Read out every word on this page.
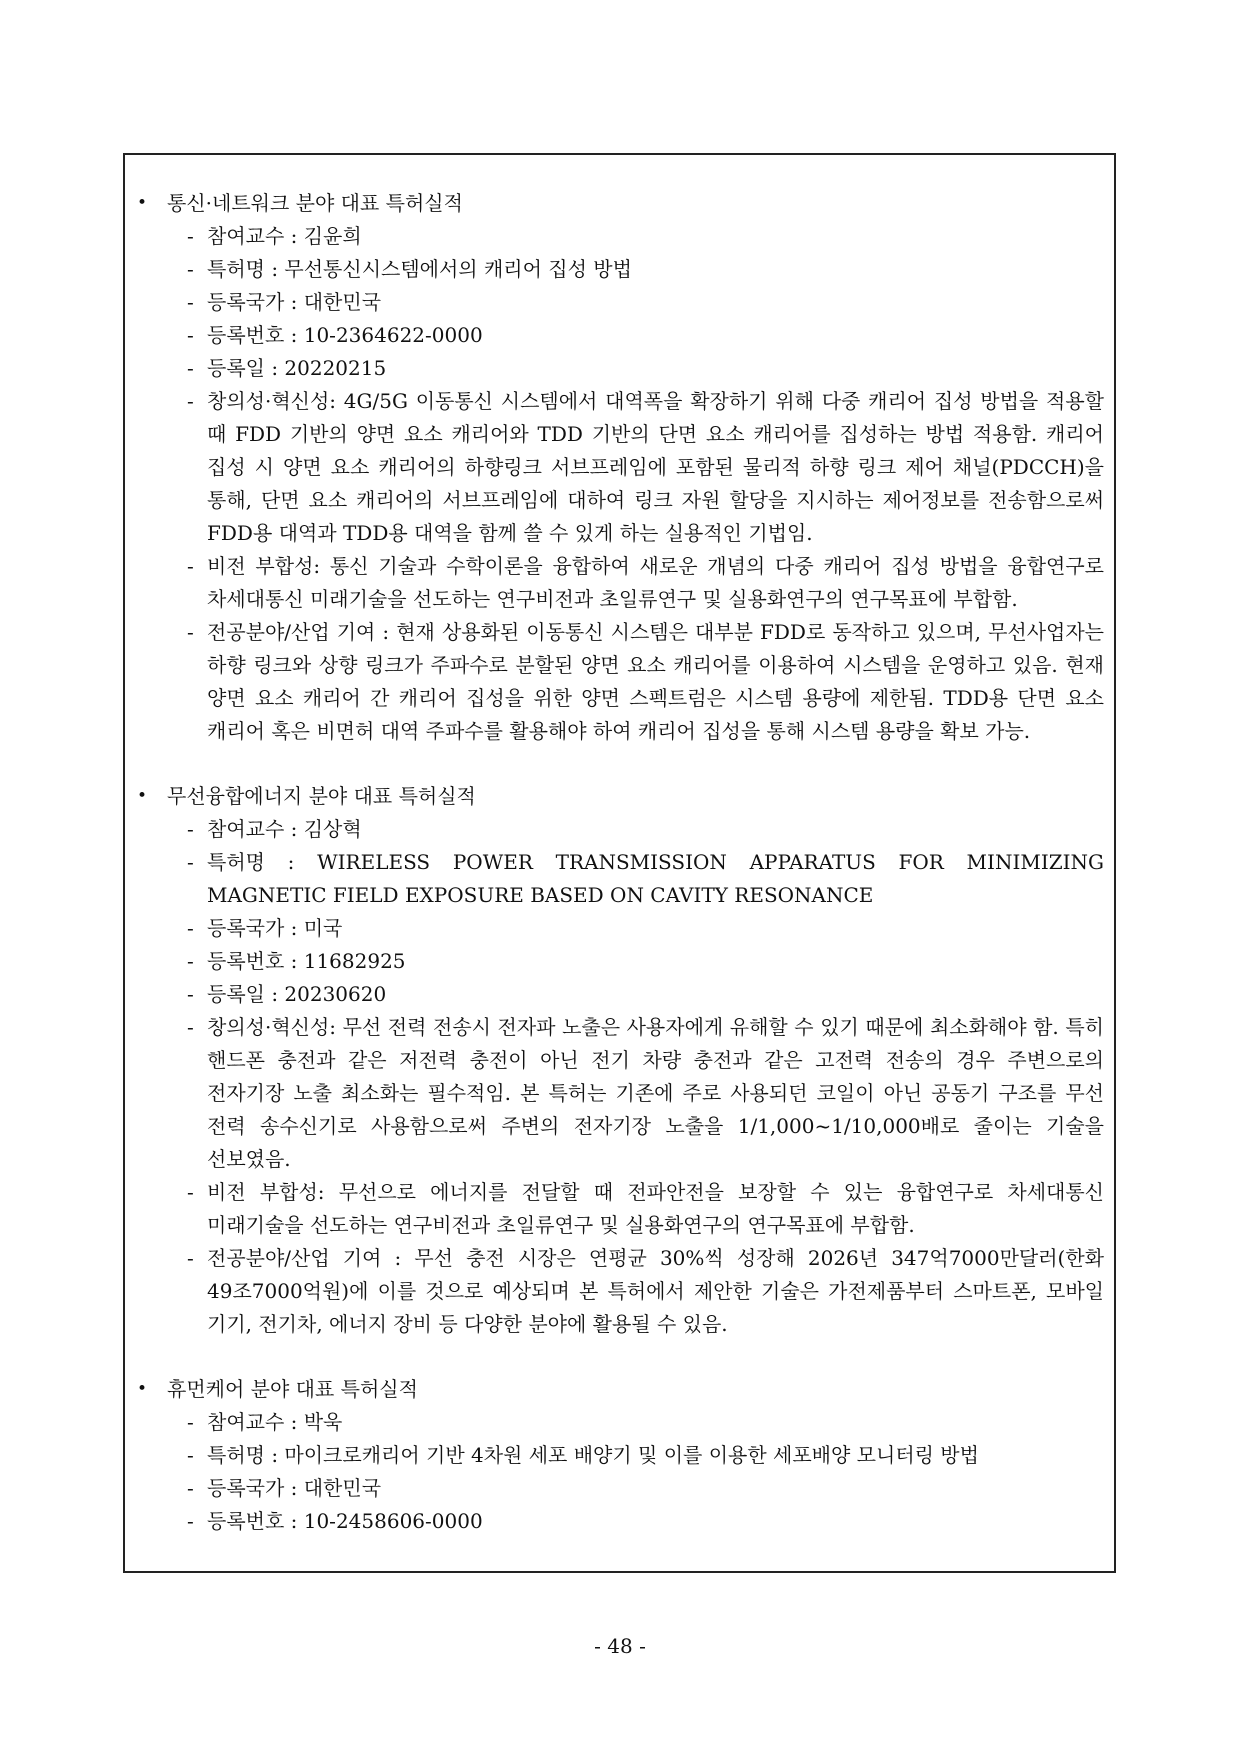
• 통신·네트워크 분야 대표 특허실적
- 참여교수 : 김윤희
- 특허명 : 무선통신시스템에서의 캐리어 집성 방법
- 등록국가 : 대한민국
- 등록번호 : 10-2364622-0000
- 등록일 : 20220215
- 창의성·혁신성: 4G/5G 이동통신 시스템에서 대역폭을 확장하기 위해 다중 캐리어 집성 방법을 적용할 때 FDD 기반의 양면 요소 캐리어와 TDD 기반의 단면 요소 캐리어를 집성하는 방법 적용함. 캐리어 집성 시 양면 요소 캐리어의 하향링크 서브프레임에 포함된 물리적 하향 링크 제어 채널(PDCCH)을 통해, 단면 요소 캐리어의 서브프레임에 대하여 링크 자원 할당을 지시하는 제어정보를 전송함으로써 FDD용 대역과 TDD용 대역을 함께 쓸 수 있게 하는 실용적인 기법임.
- 비전 부합성: 통신 기술과 수학이론을 융합하여 새로운 개념의 다중 캐리어 집성 방법을 융합연구로 차세대통신 미래기술을 선도하는 연구비전과 초일류연구 및 실용화연구의 연구목표에 부합함.
- 전공분야/산업 기여 : 현재 상용화된 이동통신 시스템은 대부분 FDD로 동작하고 있으며, 무선사업자는 하향 링크와 상향 링크가 주파수로 분할된 양면 요소 캐리어를 이용하여 시스템을 운영하고 있음. 현재 양면 요소 캐리어 간 캐리어 집성을 위한 양면 스펙트럼은 시스템 용량에 제한됨. TDD용 단면 요소 캐리어 혹은 비면허 대역 주파수를 활용해야 하여 캐리어 집성을 통해 시스템 용량을 확보 가능.
• 무선융합에너지 분야 대표 특허실적
- 참여교수 : 김상혁
- 특허명 : WIRELESS POWER TRANSMISSION APPARATUS FOR MINIMIZING MAGNETIC FIELD EXPOSURE BASED ON CAVITY RESONANCE
- 등록국가 : 미국
- 등록번호 : 11682925
- 등록일 : 20230620
- 창의성·혁신성: 무선 전력 전송시 전자파 노출은 사용자에게 유해할 수 있기 때문에 최소화해야 함. 특히 핸드폰 충전과 같은 저전력 충전이 아닌 전기 차량 충전과 같은 고전력 전송의 경우 주변으로의 전자기장 노출 최소화는 필수적임. 본 특허는 기존에 주로 사용되던 코일이 아닌 공동기 구조를 무선 전력 송수신기로 사용함으로써 주변의 전자기장 노출을 1/1,000~1/10,000배로 줄이는 기술을 선보였음.
- 비전 부합성: 무선으로 에너지를 전달할 때 전파안전을 보장할 수 있는 융합연구로 차세대통신 미래기술을 선도하는 연구비전과 초일류연구 및 실용화연구의 연구목표에 부합함.
- 전공분야/산업 기여 : 무선 충전 시장은 연평균 30%씩 성장해 2026년 347억7000만달러(한화 49조7000억원)에 이를 것으로 예상되며 본 특허에서 제안한 기술은 가전제품부터 스마트폰, 모바일 기기, 전기차, 에너지 장비 등 다양한 분야에 활용될 수 있음.
• 휴먼케어 분야 대표 특허실적
- 참여교수 : 박욱
- 특허명 : 마이크로캐리어 기반 4차원 세포 배양기 및 이를 이용한 세포배양 모니터링 방법
- 등록국가 : 대한민국
- 등록번호 : 10-2458606-0000
- 48 -
